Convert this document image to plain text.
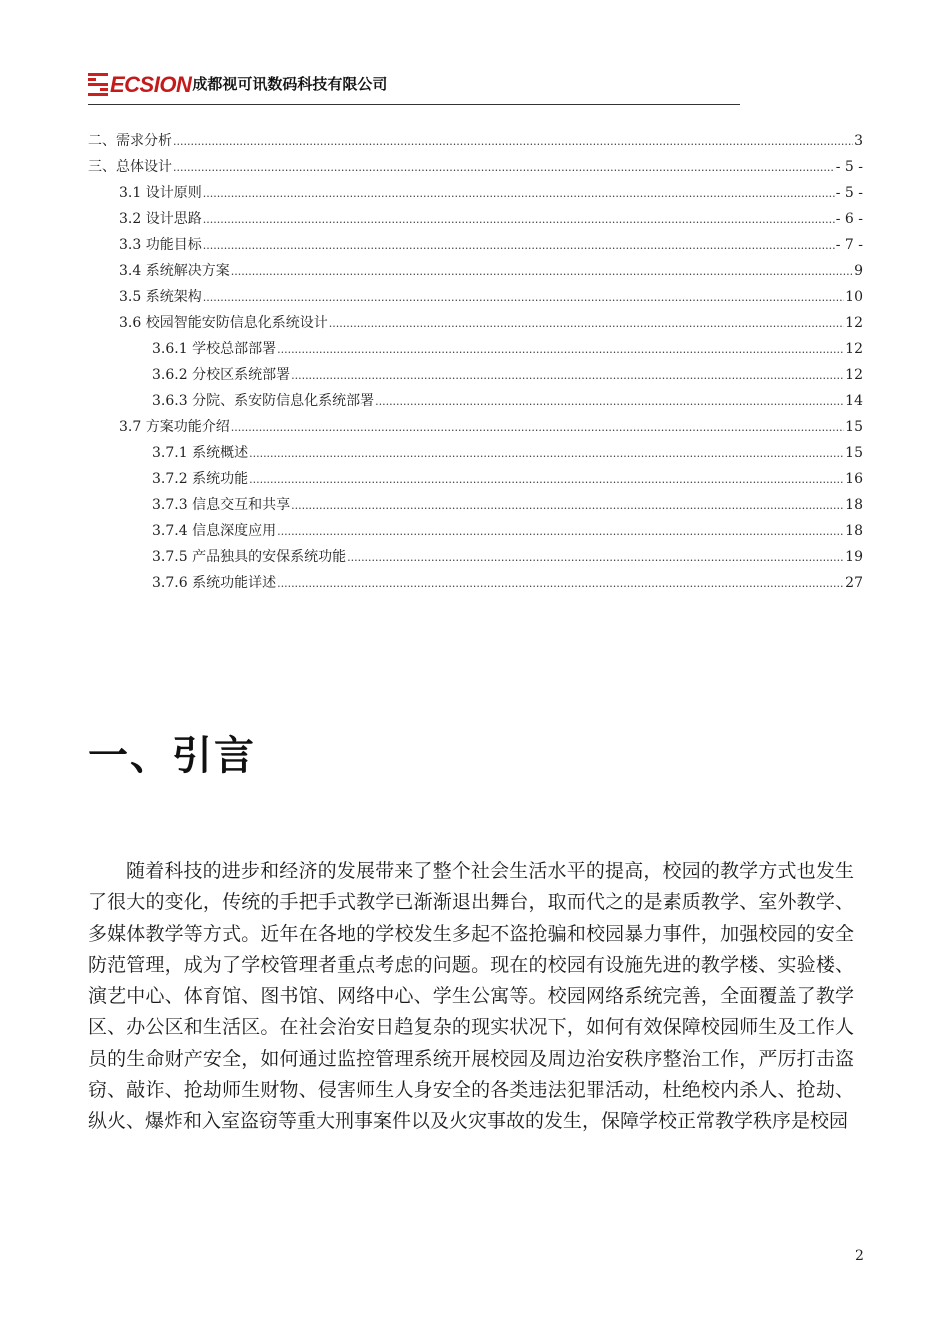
ECSION 成都视可讯数码科技有限公司
二、需求分析 .....	3
三、总体设计 .....	- 5 -
3.1 设计原则 .....	- 5 -
3.2 设计思路 .....	- 6 -
3.3 功能目标 .....	- 7 -
3.4 系统解决方案 .....	9
3.5 系统架构 .....	10
3.6 校园智能安防信息化系统设计 .....	12
3.6.1 学校总部部署 .....	12
3.6.2 分校区系统部署 .....	12
3.6.3 分院、系安防信息化系统部署 .....	14
3.7 方案功能介绍 .....	15
3.7.1 系统概述 .....	15
3.7.2 系统功能 .....	16
3.7.3 信息交互和共享 .....	18
3.7.4 信息深度应用 .....	18
3.7.5 产品独具的安保系统功能 .....	19
3.7.6 系统功能详述 .....	27
一、引言

随着科技的进步和经济的发展带来了整个社会生活水平的提高，校园的教学方式也发生了很大的变化，传统的手把手式教学已渐渐退出舞台，取而代之的是素质教学、室外教学、多媒体教学等方式。近年在各地的学校发生多起不盗抢骗和校园暴力事件，加强校园的安全防范管理，成为了学校管理者重点考虑的问题。现在的校园有设施先进的教学楼、实验楼、演艺中心、体育馆、图书馆、网络中心、学生公寓等。校园网络系统完善，全面覆盖了教学区、办公区和生活区。在社会治安日趋复杂的现实状况下，如何有效保障校园师生及工作人员的生命财产安全，如何通过监控管理系统开展校园及周边治安秩序整治工作，严厉打击盗窃、敲诈、抢劫师生财物、侵害师生人身安全的各类违法犯罪活动，杜绝校内杀人、抢劫、纵火、爆炸和入室盗窃等重大刑事案件以及火灾事故的发生，保障学校正常教学秩序是校园

2
